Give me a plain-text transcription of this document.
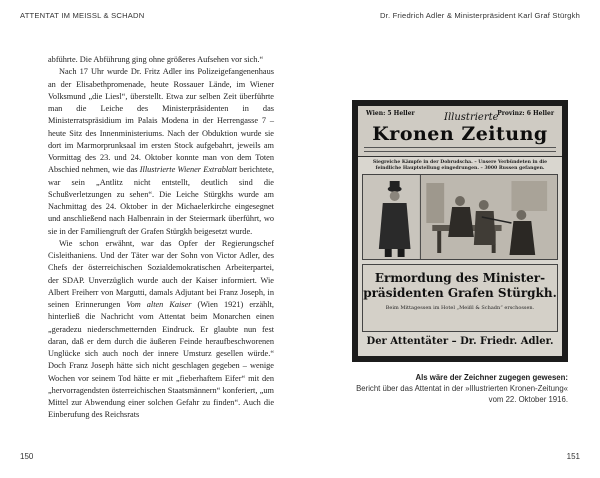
ATTENTAT IM MEISSL & SCHADN	Dr. Friedrich Adler & Ministerpräsident Karl Graf Stürgkh

abführte. Die Abführung ging ohne größeres Aufsehen vor sich.“

Nach 17 Uhr wurde Dr. Fritz Adler ins Polizeigefangenenhaus an der Elisabethpromenade, heute Rossauer Lände, im Wiener Volksmund „die Liesl“, überstellt. Etwa zur selben Zeit überführte man die Leiche des Ministerpräsidenten in das Ministerratspräsidium im Palais Modena in der Herrengasse 7 – heute Sitz des Innenministeriums. Nach der Obduktion wurde sie dort im Marmorprunksaal im ersten Stock aufgebahrt, jeweils am Vormittag des 23. und 24. Oktober konnte man von dem Toten Abschied nehmen, wie das Illustrierte Wiener Extrablatt berichtete, war sein „Antlitz nicht entstellt, deutlich sind die Schußverletzungen zu sehen“. Die Leiche Stürgkhs wurde am Nachmittag des 24. Oktober in der Michaelerkirche eingesegnet und anschließend nach Halbenrain in der Steiermark überführt, wo sie in der Familiengruft der Grafen Stürgkh beigesetzt wurde.

Wie schon erwähnt, war das Opfer der Regierungschef Cisleithaniens. Und der Täter war der Sohn von Victor Adler, des Chefs der österreichischen Sozialdemokratischen Arbeiterpartei, der SDAP. Unverzüglich wurde auch der Kaiser informiert. Wie Albert Freiherr von Margutti, damals Adjutant bei Franz Joseph, in seinen Erinnerungen Vom alten Kaiser (Wien 1921) erzählt, hinterließ die Nachricht vom Attentat beim Monarchen einen „geradezu niederschmetternden Eindruck. Er glaubte nun fest daran, daß er dem durch die äußeren Feinde heraufbeschworenen Unglücke sich auch noch der innere Umsturz gesellen würde.“ Doch Franz Joseph hätte sich nicht geschlagen gegeben – wenige Wochen vor seinem Tod hätte er mit „fieberhaftem Eifer“ mit den „hervorragendsten österreichischen Staatsmännern“ konferiert, „um Mittel zur Abwendung einer solchen Gefahr zu finden“. Auch die Einberufung des Reichsrats

Wien: 5 Heller	Provinz: 6 Heller
Illustrierte
Kronen Zeitung
Siegreiche Kämpfe in der Dobrudscha. – Unsere Verbündeten in die feindliche Hauptstellung eingedrungen. – 3000 Russen gefangen.
Ermordung des Minister-
präsidenten Grafen Stürgkh.
Beim Mittagessen im Hotel „Meißl & Schadn“ erschossen.
Der Attentäter – Dr. Friedr. Adler.
Als wäre der Zeichner zugegen gewesen:
Bericht über das Attentat in der »Illustrierten Kronen-Zeitung« vom 22. Oktober 1916.
150	151
